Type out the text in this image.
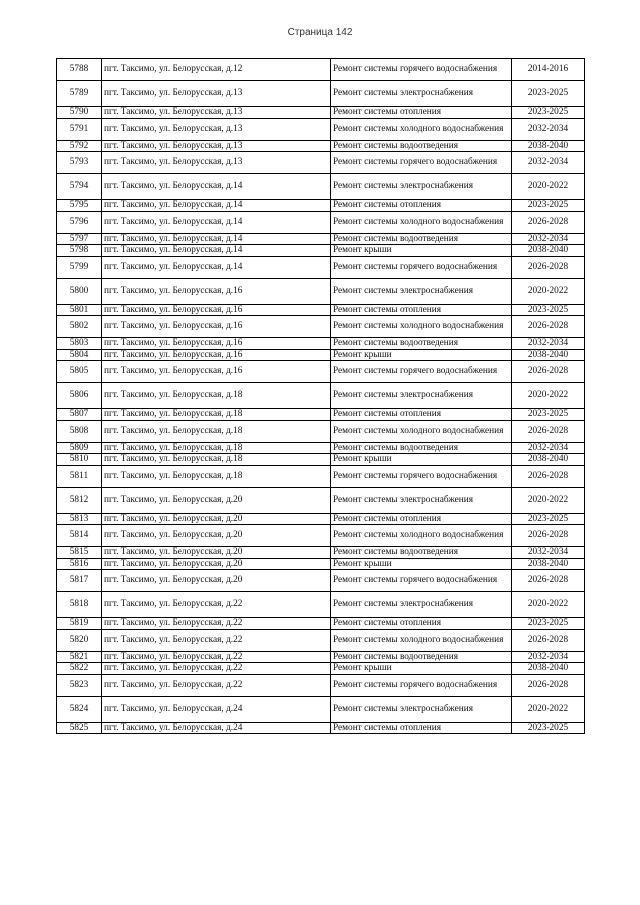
Страница 142
5788	пгт. Таксимо, ул. Белорусская, д.12	Ремонт системы горячего водоснабжения	2014-2016
5789	пгт. Таксимо, ул. Белорусская, д.13	Ремонт системы электроснабжения	2023-2025
5790	пгт. Таксимо, ул. Белорусская, д.13	Ремонт системы отопления	2023-2025
5791	пгт. Таксимо, ул. Белорусская, д.13	Ремонт системы холодного водоснабжения	2032-2034
5792	пгт. Таксимо, ул. Белорусская, д.13	Ремонт системы водоотведения	2038-2040
5793	пгт. Таксимо, ул. Белорусская, д.13	Ремонт системы горячего водоснабжения	2032-2034
5794	пгт. Таксимо, ул. Белорусская, д.14	Ремонт системы электроснабжения	2020-2022
5795	пгт. Таксимо, ул. Белорусская, д.14	Ремонт системы отопления	2023-2025
5796	пгт. Таксимо, ул. Белорусская, д.14	Ремонт системы холодного водоснабжения	2026-2028
5797	пгт. Таксимо, ул. Белорусская, д.14	Ремонт системы водоотведения	2032-2034
5798	пгт. Таксимо, ул. Белорусская, д.14	Ремонт крыши	2038-2040
5799	пгт. Таксимо, ул. Белорусская, д.14	Ремонт системы горячего водоснабжения	2026-2028
5800	пгт. Таксимо, ул. Белорусская, д.16	Ремонт системы электроснабжения	2020-2022
5801	пгт. Таксимо, ул. Белорусская, д.16	Ремонт системы отопления	2023-2025
5802	пгт. Таксимо, ул. Белорусская, д.16	Ремонт системы холодного водоснабжения	2026-2028
5803	пгт. Таксимо, ул. Белорусская, д.16	Ремонт системы водоотведения	2032-2034
5804	пгт. Таксимо, ул. Белорусская, д.16	Ремонт крыши	2038-2040
5805	пгт. Таксимо, ул. Белорусская, д.16	Ремонт системы горячего водоснабжения	2026-2028
5806	пгт. Таксимо, ул. Белорусская, д.18	Ремонт системы электроснабжения	2020-2022
5807	пгт. Таксимо, ул. Белорусская, д.18	Ремонт системы отопления	2023-2025
5808	пгт. Таксимо, ул. Белорусская, д.18	Ремонт системы холодного водоснабжения	2026-2028
5809	пгт. Таксимо, ул. Белорусская, д.18	Ремонт системы водоотведения	2032-2034
5810	пгт. Таксимо, ул. Белорусская, д.18	Ремонт крыши	2038-2040
5811	пгт. Таксимо, ул. Белорусская, д.18	Ремонт системы горячего водоснабжения	2026-2028
5812	пгт. Таксимо, ул. Белорусская, д.20	Ремонт системы электроснабжения	2020-2022
5813	пгт. Таксимо, ул. Белорусская, д.20	Ремонт системы отопления	2023-2025
5814	пгт. Таксимо, ул. Белорусская, д.20	Ремонт системы холодного водоснабжения	2026-2028
5815	пгт. Таксимо, ул. Белорусская, д.20	Ремонт системы водоотведения	2032-2034
5816	пгт. Таксимо, ул. Белорусская, д.20	Ремонт крыши	2038-2040
5817	пгт. Таксимо, ул. Белорусская, д.20	Ремонт системы горячего водоснабжения	2026-2028
5818	пгт. Таксимо, ул. Белорусская, д.22	Ремонт системы электроснабжения	2020-2022
5819	пгт. Таксимо, ул. Белорусская, д.22	Ремонт системы отопления	2023-2025
5820	пгт. Таксимо, ул. Белорусская, д.22	Ремонт системы холодного водоснабжения	2026-2028
5821	пгт. Таксимо, ул. Белорусская, д.22	Ремонт системы водоотведения	2032-2034
5822	пгт. Таксимо, ул. Белорусская, д.22	Ремонт крыши	2038-2040
5823	пгт. Таксимо, ул. Белорусская, д.22	Ремонт системы горячего водоснабжения	2026-2028
5824	пгт. Таксимо, ул. Белорусская, д.24	Ремонт системы электроснабжения	2020-2022
5825	пгт. Таксимо, ул. Белорусская, д.24	Ремонт системы отопления	2023-2025
